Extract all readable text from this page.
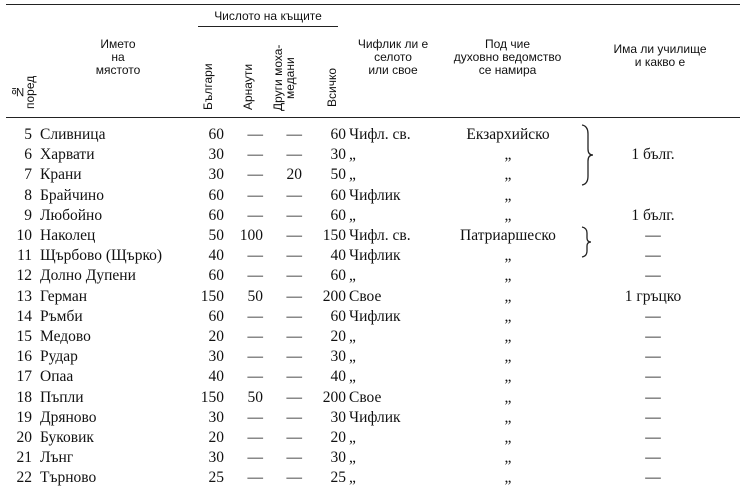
№ поред
Името
на
мястото
Числото на къщите
Българи Арнаути Други моха- медани	Всичко
Чифлик ли е
селото
или свое
Под чие
духовно ведомство
се намира
Има ли училище
и какво е
5 Сливница	60	—	—	60 Чифл. св.	Екзархийско
6 Харвати	30	—	—	30 „	„	1 бълг.
7 Крани	30	—	20	50 „	„
8 Брайчино	60	—	—	60 Чифлик	„
9 Любойно	60	—	—	60 „	„	1 бълг.
10 Наколец	50	100	—	150 Чифл. св.	Патриаршеско	—
11 Щърбово (Щърко)	40	—	—	40 Чифлик	„	—
12 Долно Дупени	60	—	—	60 „	„	—
13 Герман	150	50	—	200 Свое	„	1 гръцко
14 Ръмби	60	—	—	60 Чифлик	„	—
15 Медово	20	—	—	20 „	„	—
16 Рудар	30	—	—	30 „	„	—
17 Опаа	40	—	—	40 „	„	—
18 Пъпли	150	50	—	200 Свое	„	—
19 Дряново	30	—	—	30 Чифлик	„	—
20 Буковик	20	—	—	20 „	„	—
21 Лънг	30	—	—	30 „	„	—
22 Търново	25	—	—	25 „	„	—
